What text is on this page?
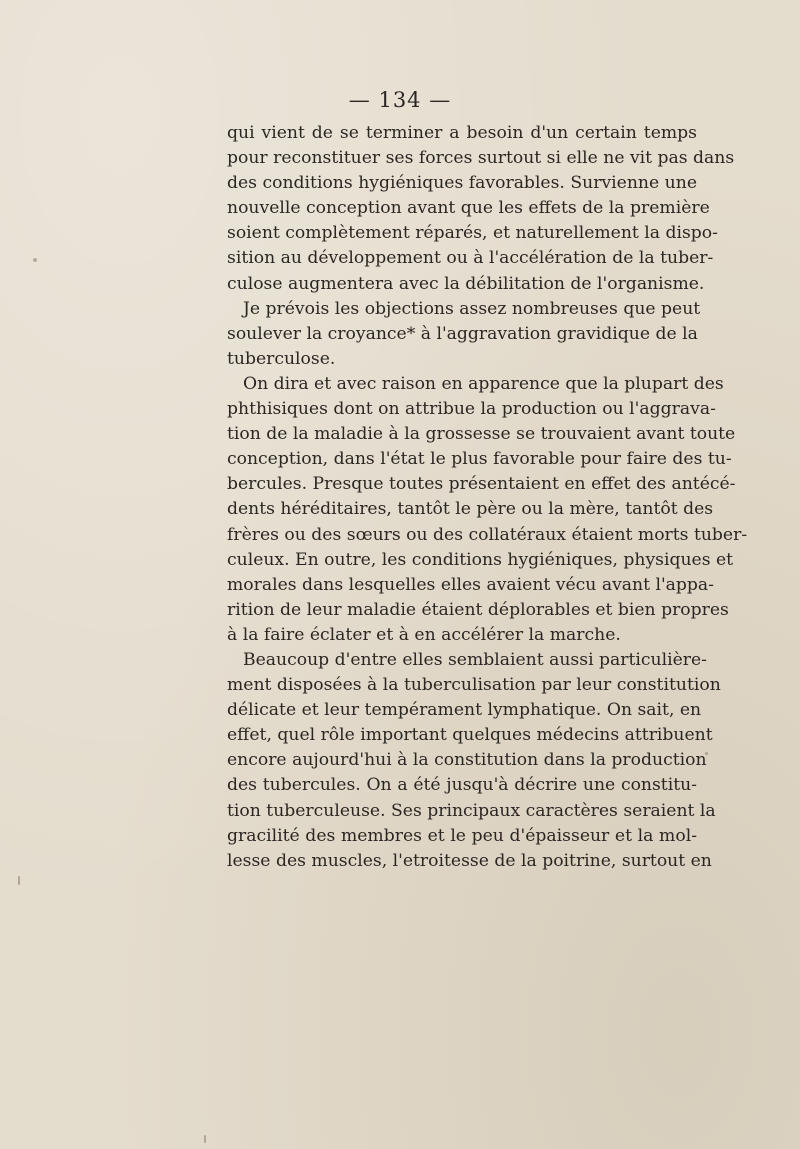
— 134 —
qui vient de se terminer a besoin d'un certain temps
pour reconstituer ses forces surtout si elle ne vit pas dans
des conditions hygiéniques favorables. Survienne une
nouvelle conception avant que les effets de la première
soient complètement réparés, et naturellement la dispo-
sition au développement ou à l'accélération de la tuber-
culose augmentera avec la débilitation de l'organisme.
Je prévois les objections assez nombreuses que peut
soulever la croyance* à l'aggravation gravidique de la
tuberculose.
On dira et avec raison en apparence que la plupart des
phthisiques dont on attribue la production ou l'aggrava-
tion de la maladie à la grossesse se trouvaient avant toute
conception, dans l'état le plus favorable pour faire des tu-
bercules. Presque toutes présentaient en effet des antécé-
dents héréditaires, tantôt le père ou la mère, tantôt des
frères ou des sœurs ou des collatéraux étaient morts tuber-
culeux. En outre, les conditions hygiéniques, physiques et
morales dans lesquelles elles avaient vécu avant l'appa-
rition de leur maladie étaient déplorables et bien propres
à la faire éclater et à en accélérer la marche.
Beaucoup d'entre elles semblaient aussi particulière-
ment disposées à la tuberculisation par leur constitution
délicate et leur tempérament lymphatique. On sait, en
effet, quel rôle important quelques médecins attribuent
encore aujourd'hui à la constitution dans la production
des tubercules. On a été jusqu'à décrire une constitu-
tion tuberculeuse. Ses principaux caractères seraient la
gracilité des membres et le peu d'épaisseur et la mol-
lesse des muscles, l'etroitesse de la poitrine, surtout en
